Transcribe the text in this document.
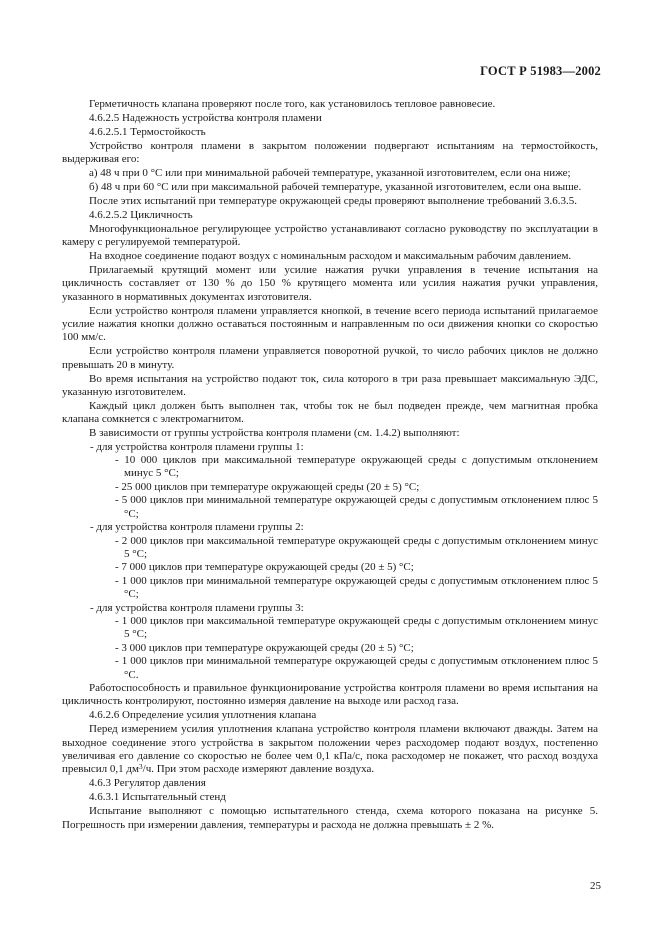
ГОСТ Р 51983—2002

Герметичность клапана проверяют после того, как установилось тепловое равновесие.

4.6.2.5 Надежность устройства контроля пламени

4.6.2.5.1 Термостойкость

Устройство контроля пламени в закрытом положении подвергают испытаниям на термостойкость, выдерживая его:

а) 48 ч при 0 °С или при минимальной рабочей температуре, указанной изготовителем, если она ниже;

б) 48 ч при 60 °С или при максимальной рабочей температуре, указанной изготовителем, если она выше.

После этих испытаний при температуре окружающей среды проверяют выполнение требований 3.6.3.5.

4.6.2.5.2 Цикличность

Многофункциональное регулирующее устройство устанавливают согласно руководству по эксплуатации в камеру с регулируемой температурой.

На входное соединение подают воздух с номинальным расходом и максимальным рабочим давлением.

Прилагаемый крутящий момент или усилие нажатия ручки управления в течение испытания на цикличность составляет от 130 % до 150 % крутящего момента или усилия нажатия ручки управления, указанного в нормативных документах изготовителя.

Если устройство контроля пламени управляется кнопкой, в течение всего периода испытаний прилагаемое усилие нажатия кнопки должно оставаться постоянным и направленным по оси движения кнопки со скоростью 100 мм/с.

Если устройство контроля пламени управляется поворотной ручкой, то число рабочих циклов не должно превышать 20 в минуту.

Во время испытания на устройство подают ток, сила которого в три раза превышает максимальную ЭДС, указанную изготовителем.

Каждый цикл должен быть выполнен так, чтобы ток не был подведен прежде, чем магнитная пробка клапана сомкнется с электромагнитом.

В зависимости от группы устройства контроля пламени (см. 1.4.2) выполняют:

- для устройства контроля пламени группы 1:

- 10 000 циклов при максимальной температуре окружающей среды с допустимым отклонением минус 5 °С;

- 25 000 циклов при температуре окружающей среды (20 ± 5) °С;

- 5 000 циклов при минимальной температуре окружающей среды с допустимым отклонением плюс 5 °С;

- для устройства контроля пламени группы 2:

- 2 000 циклов при максимальной температуре окружающей среды с допустимым отклонением минус 5 °С;

- 7 000 циклов при температуре окружающей среды (20 ± 5) °С;

- 1 000 циклов при минимальной температуре окружающей среды с допустимым отклонением плюс 5 °С;

- для устройства контроля пламени группы 3:

- 1 000 циклов при максимальной температуре окружающей среды с допустимым отклонением минус 5 °С;

- 3 000 циклов при температуре окружающей среды (20 ± 5) °С;

- 1 000 циклов при минимальной температуре окружающей среды с допустимым отклонением плюс 5 °С.

Работоспособность и правильное функционирование устройства контроля пламени во время испытания на цикличность контролируют, постоянно измеряя давление на выходе или расход газа.

4.6.2.6 Определение усилия уплотнения клапана

Перед измерением усилия уплотнения клапана устройство контроля пламени включают дважды. Затем на выходное соединение этого устройства в закрытом положении через расходомер подают воздух, постепенно увеличивая его давление со скоростью не более чем 0,1 кПа/с, пока расходомер не покажет, что расход воздуха превысил 0,1 $дм^3/ч$. При этом расходе измеряют давление воздуха.

4.6.3 Регулятор давления

4.6.3.1 Испытательный стенд

Испытание выполняют с помощью испытательного стенда, схема которого показана на рисунке 5. Погрешность при измерении давления, температуры и расхода не должна превышать ± 2 %.

25
